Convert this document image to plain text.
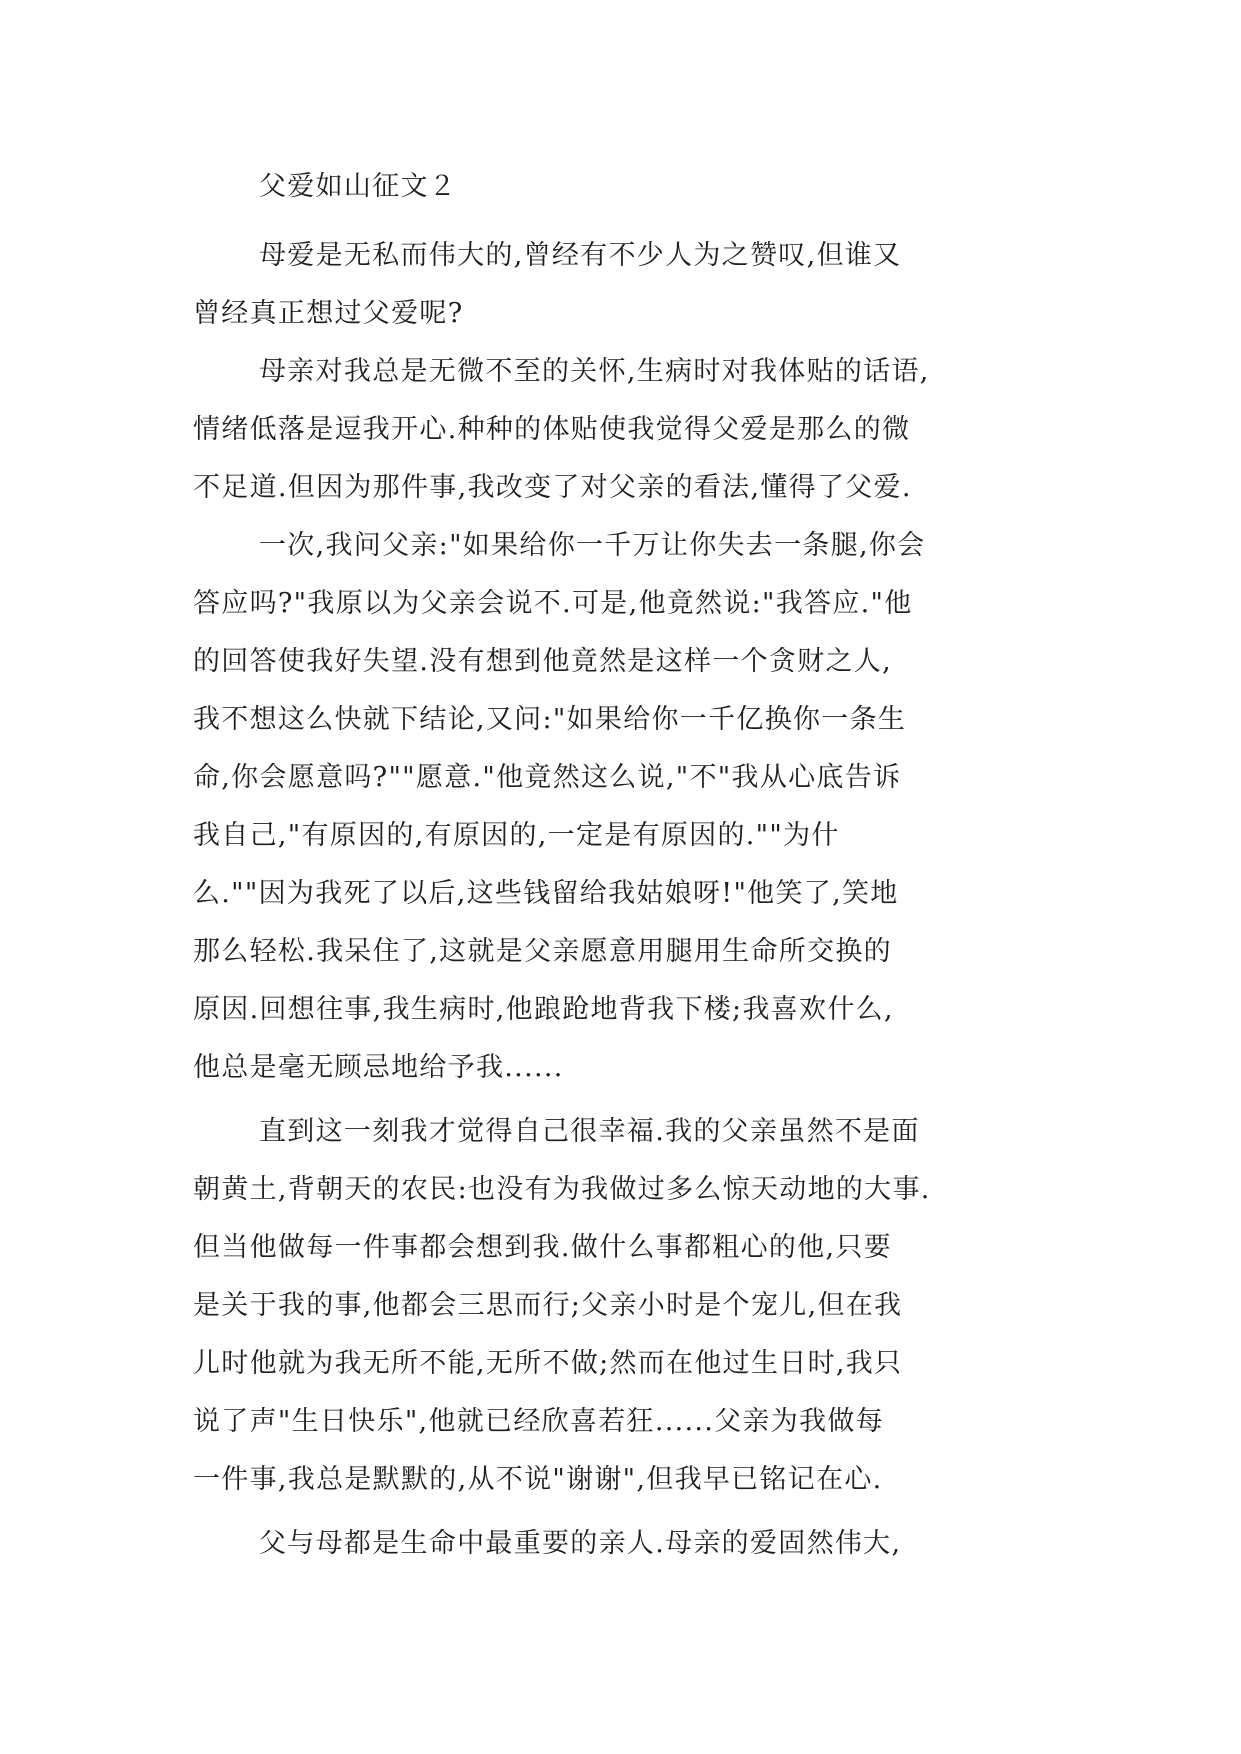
父爱如山征文２
母爱是无私而伟大的,曾经有不少人为之赞叹,但谁又
曾经真正想过父爱呢?
母亲对我总是无微不至的关怀,生病时对我体贴的话语,
情绪低落是逗我开心.种种的体贴使我觉得父爱是那么的微
不足道.但因为那件事,我改变了对父亲的看法,懂得了父爱.
一次,我问父亲:"如果给你一千万让你失去一条腿,你会
答应吗?"我原以为父亲会说不.可是,他竟然说:"我答应."他
的回答使我好失望.没有想到他竟然是这样一个贪财之人,
我不想这么快就下结论,又问:"如果给你一千亿换你一条生
命,你会愿意吗?""愿意."他竟然这么说,"不"我从心底告诉
我自己,"有原因的,有原因的,一定是有原因的.""为什
么.""因为我死了以后,这些钱留给我姑娘呀!"他笑了,笑地
那么轻松.我呆住了,这就是父亲愿意用腿用生命所交换的
原因.回想往事,我生病时,他踉跄地背我下楼;我喜欢什么,
他总是毫无顾忌地给予我......
直到这一刻我才觉得自己很幸福.我的父亲虽然不是面
朝黄土,背朝天的农民:也没有为我做过多么惊天动地的大事.
但当他做每一件事都会想到我.做什么事都粗心的他,只要
是关于我的事,他都会三思而行;父亲小时是个宠儿,但在我
儿时他就为我无所不能,无所不做;然而在他过生日时,我只
说了声"生日快乐",他就已经欣喜若狂......父亲为我做每
一件事,我总是默默的,从不说"谢谢",但我早已铭记在心.
父与母都是生命中最重要的亲人.母亲的爱固然伟大,
